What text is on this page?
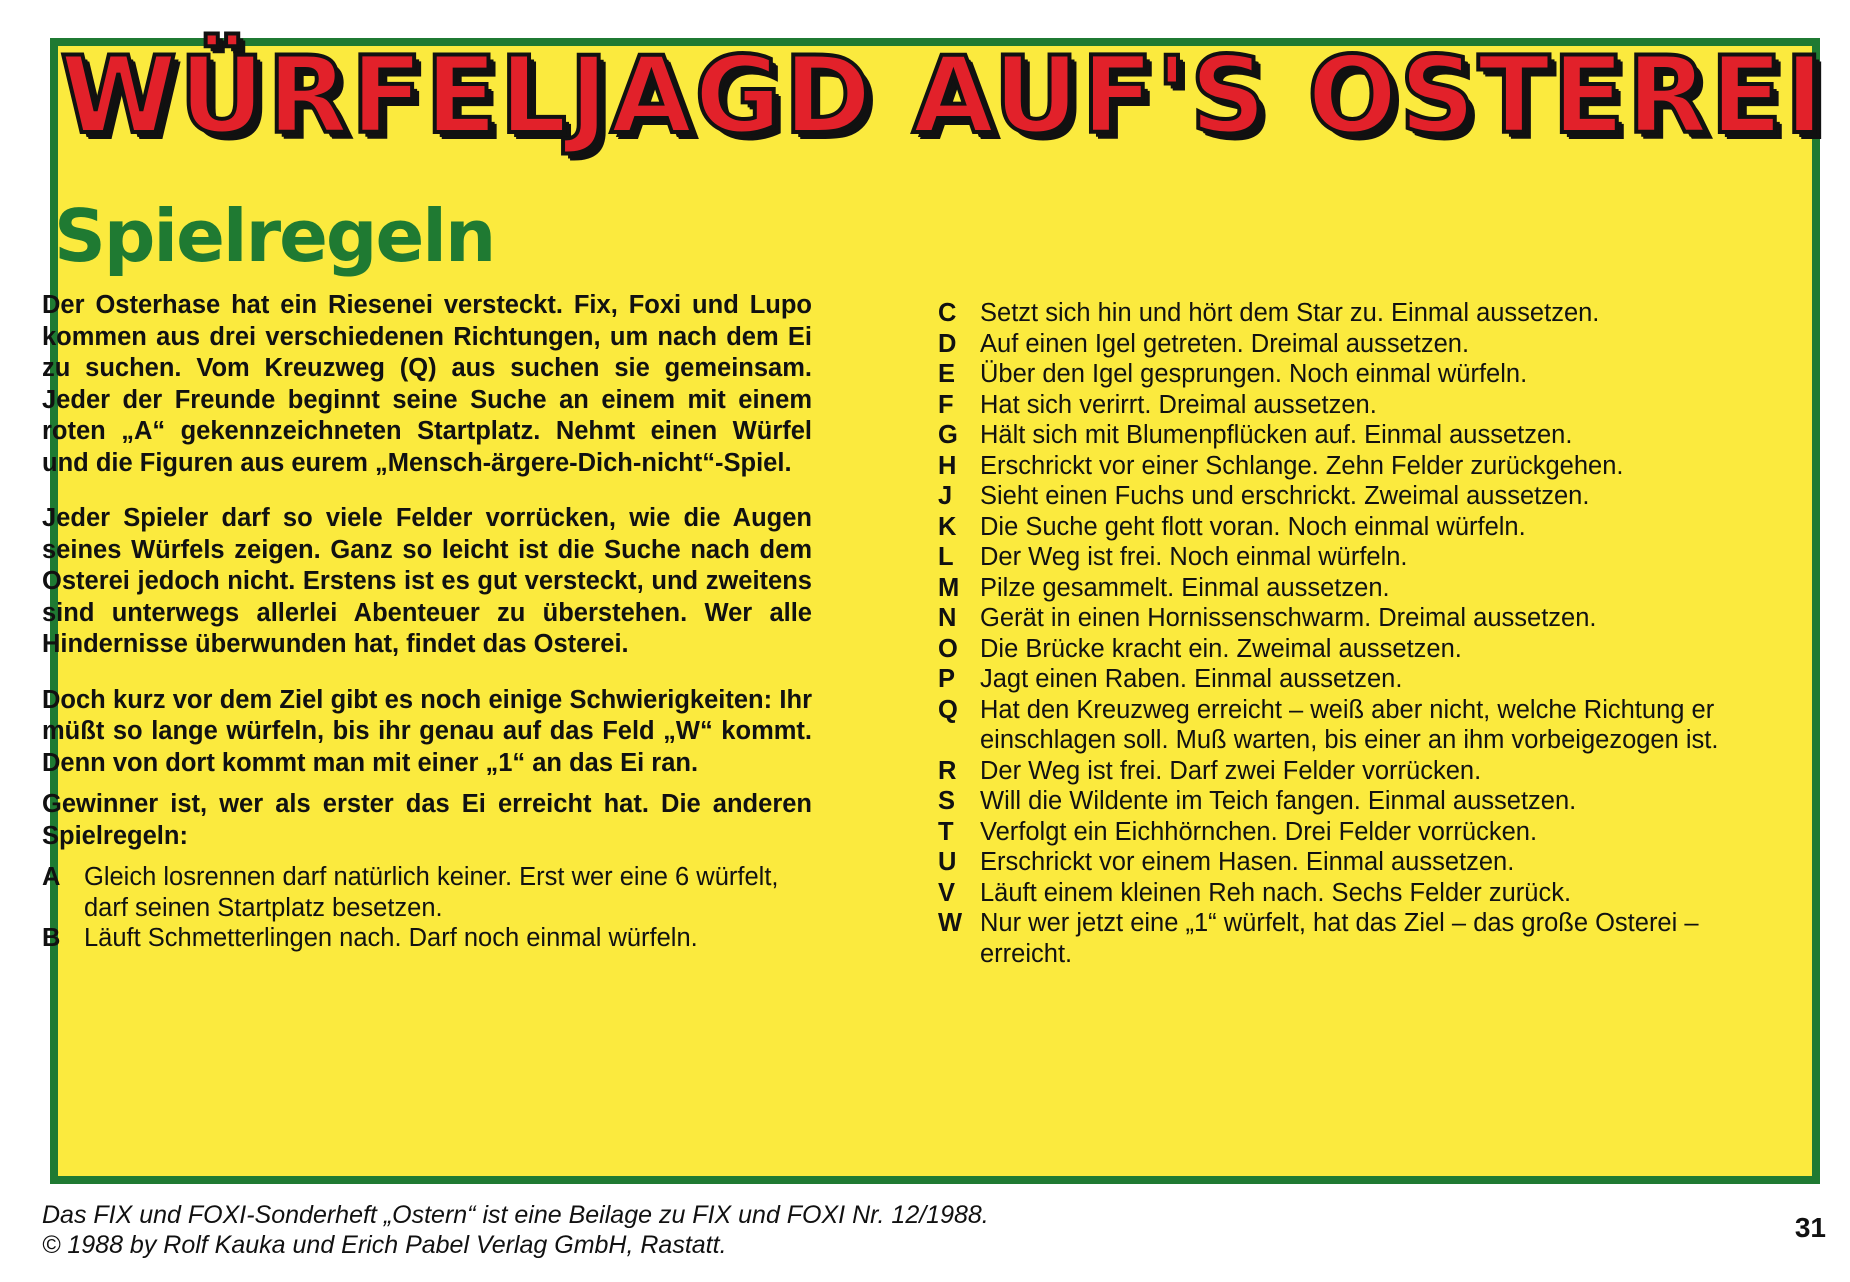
WÜRFELJAGD AUF'S OSTEREI
Spielregeln

Der Osterhase hat ein Riesenei versteckt. Fix, Foxi und Lupo kommen aus drei verschiedenen Richtungen, um nach dem Ei zu suchen. Vom Kreuzweg (Q) aus suchen sie gemeinsam. Jeder der Freunde beginnt seine Suche an einem mit einem roten „A“ gekennzeichneten Startplatz. Nehmt einen Würfel und die Figuren aus eurem „Mensch-ärgere-Dich-nicht“-Spiel.

Jeder Spieler darf so viele Felder vorrücken, wie die Augen seines Würfels zeigen. Ganz so leicht ist die Suche nach dem Osterei jedoch nicht. Erstens ist es gut versteckt, und zweitens sind unterwegs allerlei Abenteuer zu überstehen. Wer alle Hindernisse überwunden hat, findet das Osterei.

Doch kurz vor dem Ziel gibt es noch einige Schwierigkeiten: Ihr müßt so lange würfeln, bis ihr genau auf das Feld „W“ kommt. Denn von dort kommt man mit einer „1“ an das Ei ran.

Gewinner ist, wer als erster das Ei erreicht hat. Die anderen Spielregeln:

A Gleich losrennen darf natürlich keiner. Erst wer eine 6 würfelt, darf seinen Startplatz besetzen.
B Läuft Schmetterlingen nach. Darf noch einmal würfeln.
C Setzt sich hin und hört dem Star zu. Einmal aussetzen.
D Auf einen Igel getreten. Dreimal aussetzen.
E Über den Igel gesprungen. Noch einmal würfeln.
F	Hat sich verirrt. Dreimal aussetzen.
G Hält sich mit Blumenpflücken auf. Einmal aussetzen.
H Erschrickt vor einer Schlange. Zehn Felder zurückgehen.
J	Sieht einen Fuchs und erschrickt. Zweimal aussetzen.
K Die Suche geht flott voran. Noch einmal würfeln.
L	Der Weg ist frei. Noch einmal würfeln.
M Pilze gesammelt. Einmal aussetzen.
N Gerät in einen Hornissenschwarm. Dreimal aussetzen.
O Die Brücke kracht ein. Zweimal aussetzen.
P Jagt einen Raben. Einmal aussetzen.
Q Hat den Kreuzweg erreicht – weiß aber nicht, welche Richtung er einschlagen soll. Muß warten, bis einer an ihm vorbeigezogen ist.
R Der Weg ist frei. Darf zwei Felder vorrücken.
S Will die Wildente im Teich fangen. Einmal aussetzen.
T	Verfolgt ein Eichhörnchen. Drei Felder vorrücken.
U Erschrickt vor einem Hasen. Einmal aussetzen.
V Läuft einem kleinen Reh nach. Sechs Felder zurück.
W Nur wer jetzt eine „1“ würfelt, hat das Ziel – das große Osterei – erreicht.
Das FIX und FOXI-Sonderheft „Ostern“ ist eine Beilage zu FIX und FOXI Nr. 12/1988.
© 1988 by Rolf Kauka und Erich Pabel Verlag GmbH, Rastatt.
31
